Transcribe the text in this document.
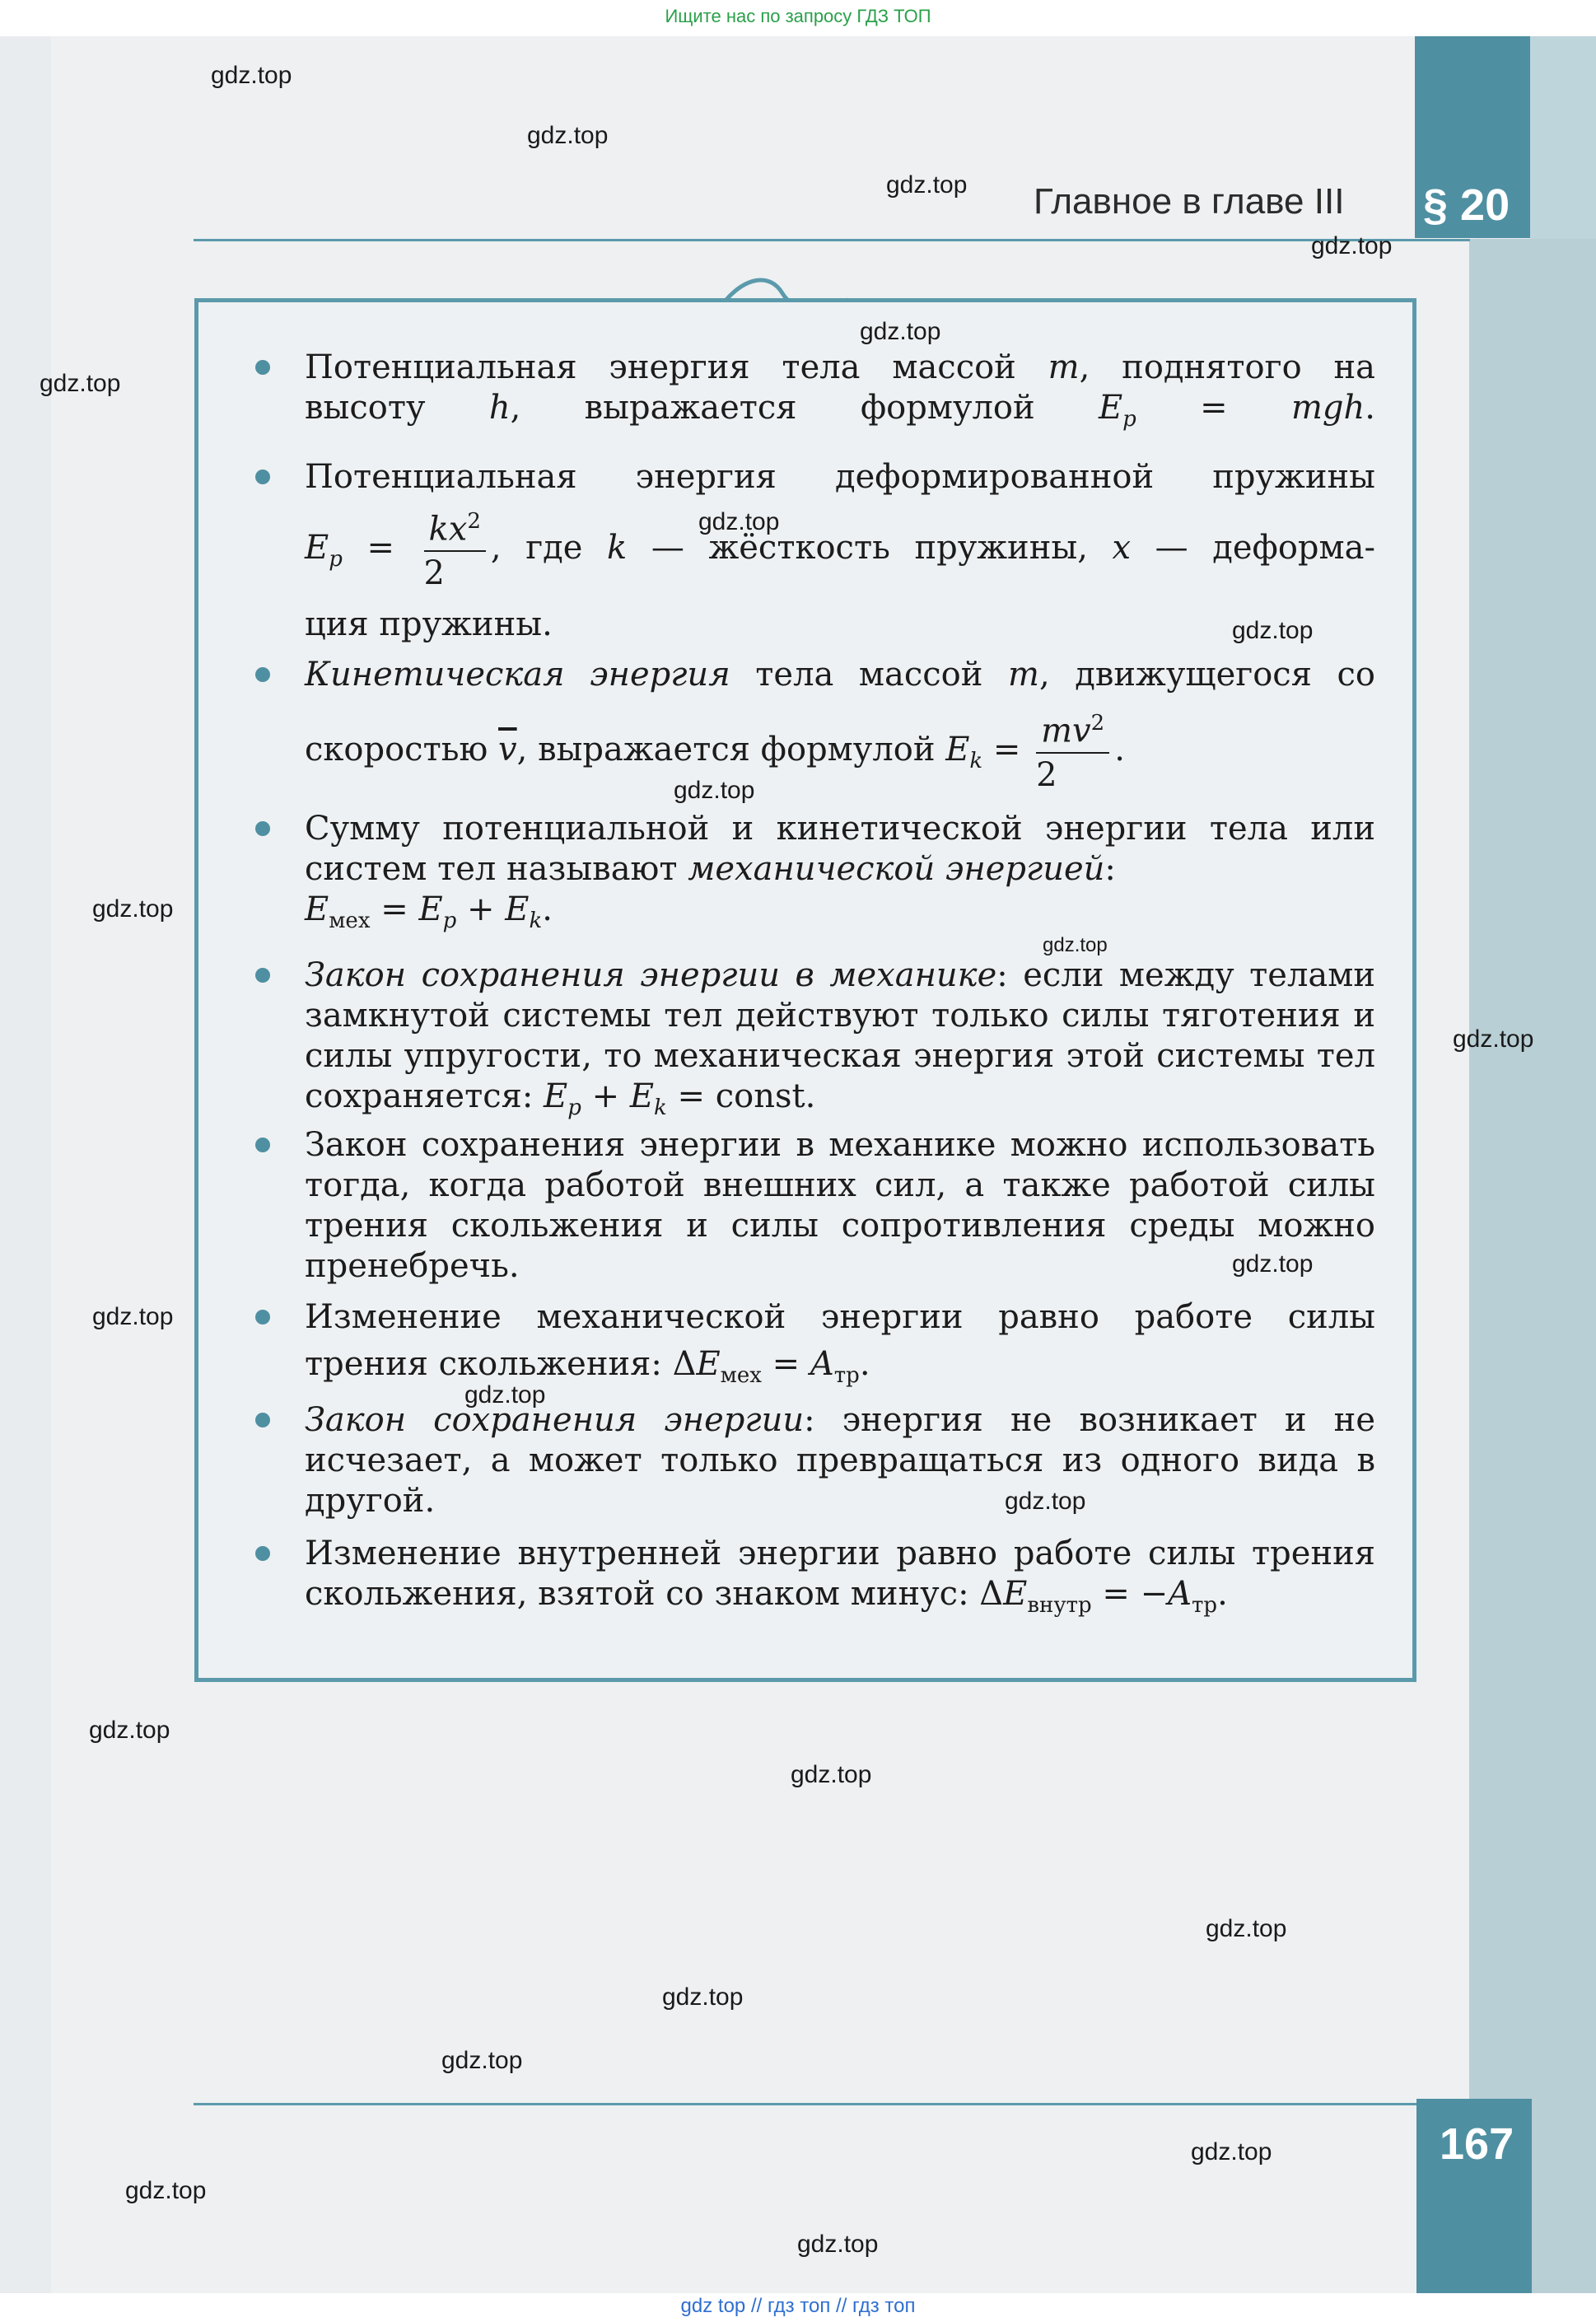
Ищите нас по запросу ГДЗ ТОП
§ 20
Главное в главе III
Потенциальная энергия тела массой m, поднятого на высоту h, выражается формулой $E_p$ = mgh.
Потенциальная энергия деформированной пружины
$E_p = \frac{kx^2}{2}$ , где k — жёсткость пружины, x — деформа-
ция пружины.
Кинетическая энергия тела массой m, движущегося со
скоростью $\overline{v}$, выражается формулой $E_k = \frac{mv^2}{2}$ .
Сумму потенциальной и кинетической энергии тела или систем тел называют механической энергией:
$E_{мех} = E_p + E_k$.
Закон сохранения энергии в механике: если между телами замкнутой системы тел действуют только силы тяготения и силы упругости, то механическая энергия этой системы тел сохраняется: $E_p + E_k$ = const.
Закон сохранения энергии в механике можно использовать тогда, когда работой внешних сил, а также работой силы трения скольжения и силы сопротивления среды можно пренебречь.
Изменение механической энергии равно работе силы
трения скольжения: $\Delta E_{мех} = A_{тр}$.
Закон сохранения энергии: энергия не возникает и не исчезает, а может только превращаться из одного вида в другой.
Изменение внутренней энергии равно работе силы трения скольжения, взятой со знаком минус: $\Delta E_{внутр} = -A_{тр}$.
167
gdz.top
gdz.top
gdz.top
gdz.top
gdz.top
gdz.top
gdz.top
gdz.top
gdz.top
gdz.top
gdz.top
gdz.top
gdz.top
gdz.top
gdz.top
gdz.top
gdz.top
gdz.top
gdz.top
gdz.top
gdz.top
gdz.top
gdz.top
gdz.top
gdz top // гдз топ // гдз топ
